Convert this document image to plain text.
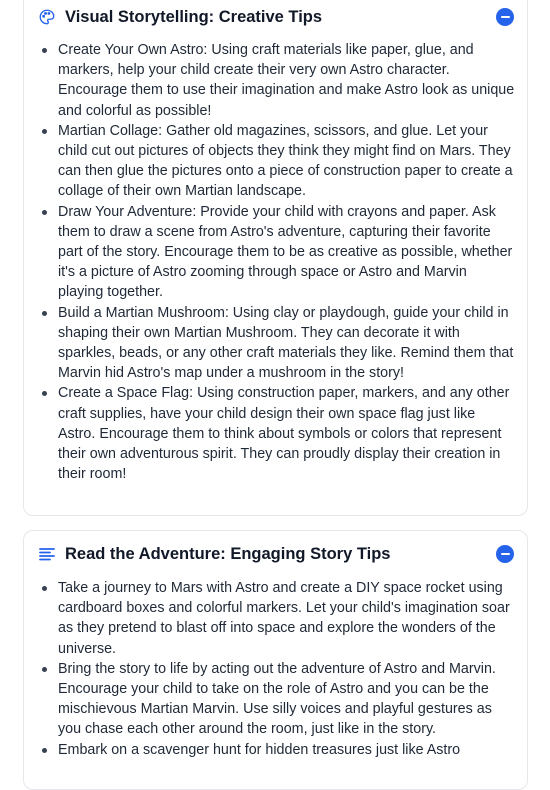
Visual Storytelling: Creative Tips
Create Your Own Astro: Using craft materials like paper, glue, and markers, help your child create their very own Astro character. Encourage them to use their imagination and make Astro look as unique and colorful as possible!
Martian Collage: Gather old magazines, scissors, and glue. Let your child cut out pictures of objects they think they might find on Mars. They can then glue the pictures onto a piece of construction paper to create a collage of their own Martian landscape.
Draw Your Adventure: Provide your child with crayons and paper. Ask them to draw a scene from Astro's adventure, capturing their favorite part of the story. Encourage them to be as creative as possible, whether it's a picture of Astro zooming through space or Astro and Marvin playing together.
Build a Martian Mushroom: Using clay or playdough, guide your child in shaping their own Martian Mushroom. They can decorate it with sparkles, beads, or any other craft materials they like. Remind them that Marvin hid Astro's map under a mushroom in the story!
Create a Space Flag: Using construction paper, markers, and any other craft supplies, have your child design their own space flag just like Astro. Encourage them to think about symbols or colors that represent their own adventurous spirit. They can proudly display their creation in their room!
Read the Adventure: Engaging Story Tips
Take a journey to Mars with Astro and create a DIY space rocket using cardboard boxes and colorful markers. Let your child's imagination soar as they pretend to blast off into space and explore the wonders of the universe.
Bring the story to life by acting out the adventure of Astro and Marvin. Encourage your child to take on the role of Astro and you can be the mischievous Martian Marvin. Use silly voices and playful gestures as you chase each other around the room, just like in the story.
Embark on a scavenger hunt for hidden treasures just like Astro
